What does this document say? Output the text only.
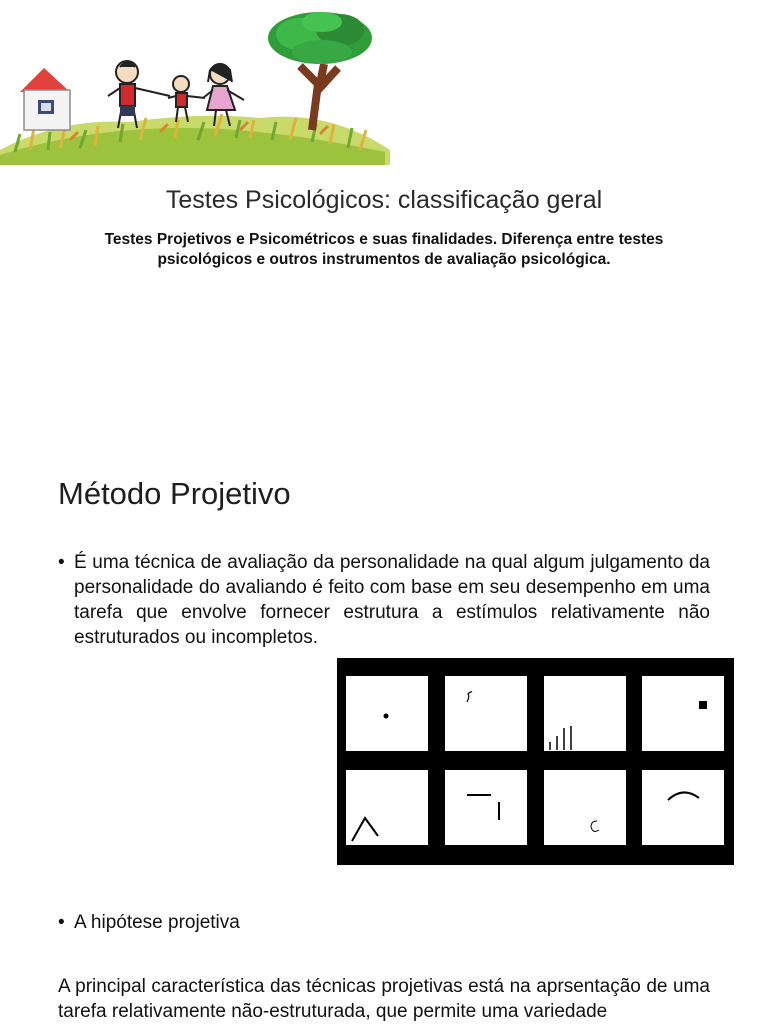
Testes Psicológicos: classificação geral
Testes Projetivos e Psicométricos e suas finalidades. Diferença entre testes psicológicos e outros instrumentos de avaliação psicológica.
Método Projetivo
• É uma técnica de avaliação da personalidade na qual algum julgamento da personalidade do avaliando é feito com base em seu desempenho em uma tarefa que envolve fornecer estrutura a estímulos relativamente não estruturados ou incompletos.
• A hipótese projetiva
A principal característica das técnicas projetivas está na aprsentação de uma tarefa relativamente não-estruturada, que permite uma variedade
